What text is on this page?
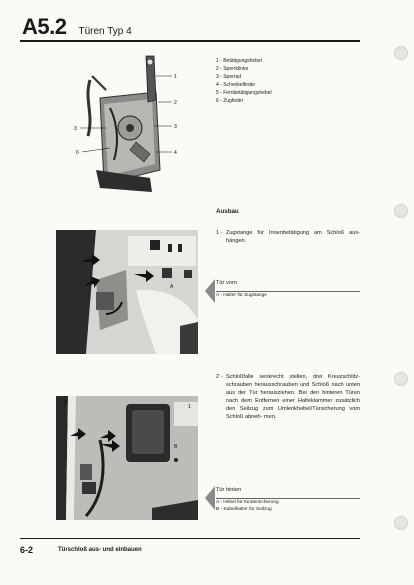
A5.2 Türen Typ 4
1
2
3
3
6	4
1 - Betätigungshebel
2 - Sperrklinke
3 - Sperrad
4 - Schenkelfeder
5 - Fernbetätigungshebel
6 - Zugfeder
Ausbau
1 - Zugstange für Innenbetätigung am Schloß aus- hängen.
A
Tür vorn
A - Halter für Zugstange
2 - Schloßfalle senkrecht stellen, drei Kreuzschlitz- schrauben herausschrauben und Schloß nach unten aus der Tür herausziehen. Bei den hinteren Türen nach dem Entfernen einer Halteklammer zusätzlich den Seilzug zum Umlenkhebel/Türsicherung vom Schloß abneh- men.
A
B
1
Tür hinten
A - Hebel für Kindersicherung
B - Kabelhalter für Seilzug
6-2	Türschloß aus- und einbauen
